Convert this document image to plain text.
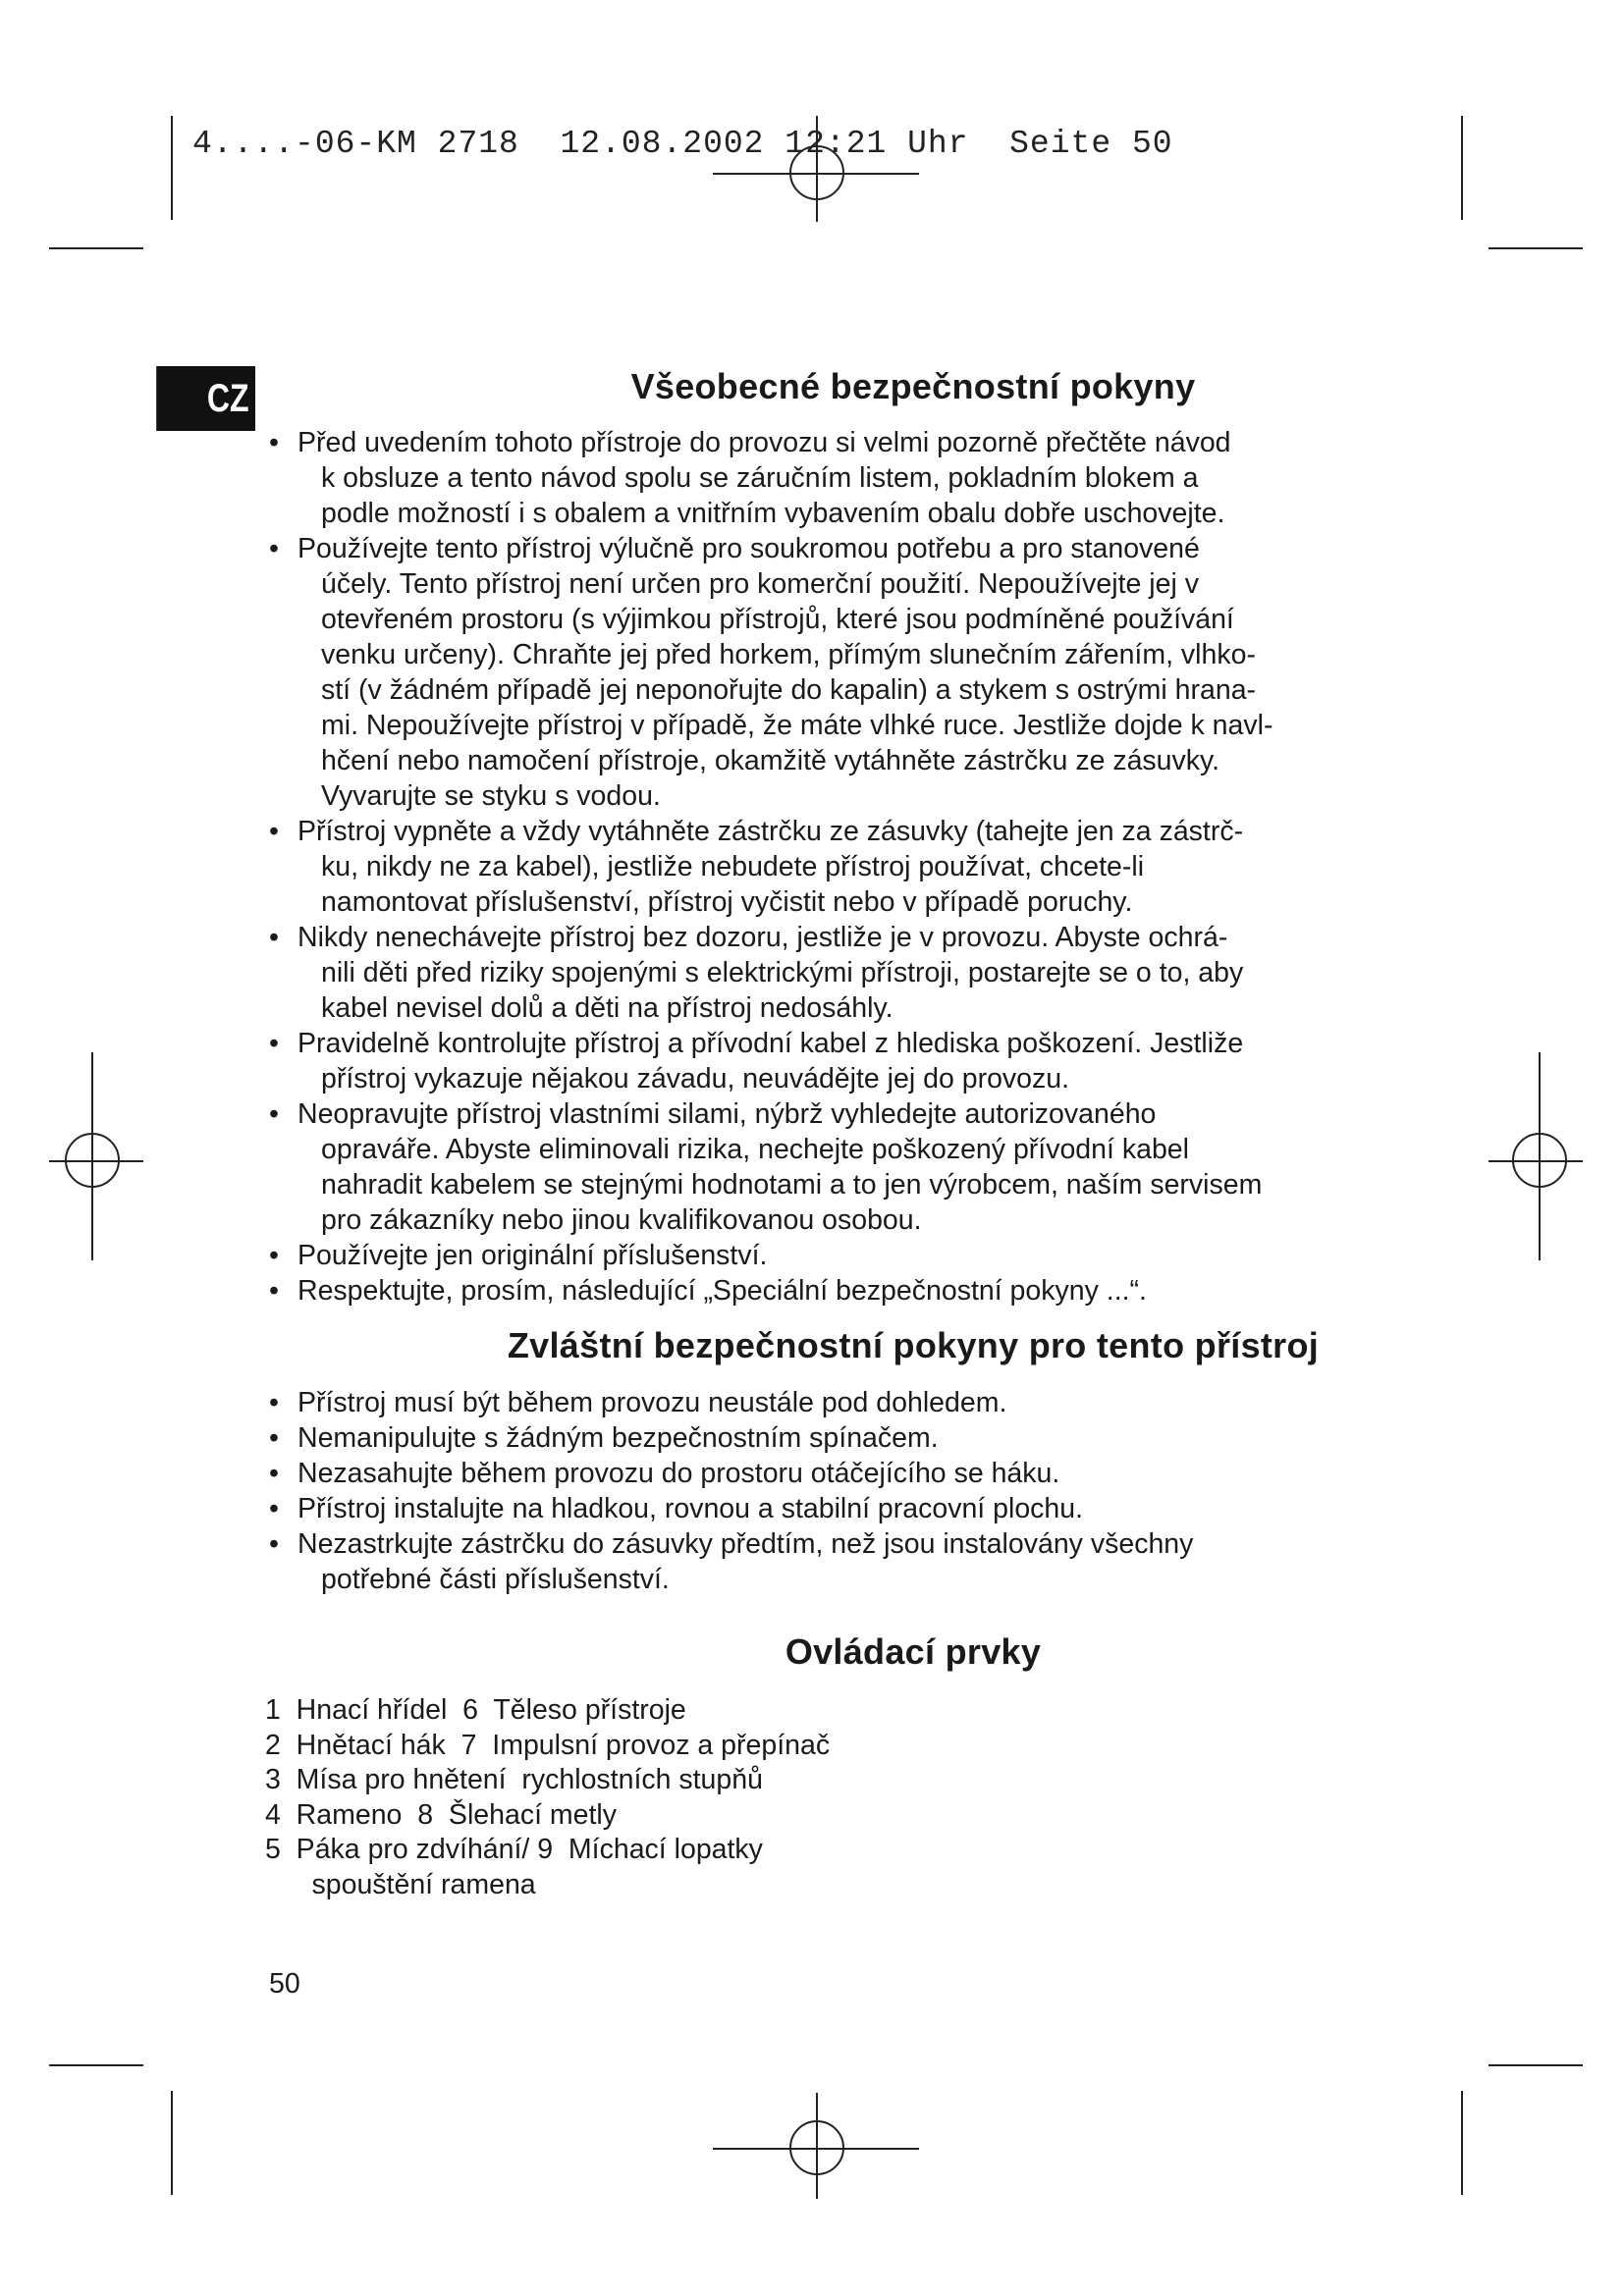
4....-06-KM 2718  12.08.2002 12:21 Uhr  Seite 50
CZ	Všeobecné bezpečnostní pokyny
• Před uvedením tohoto přístroje do provozu si velmi pozorně přečtěte návod
k obsluze a tento návod spolu se záručním listem, pokladním blokem a
podle možností i s obalem a vnitřním vybavením obalu dobře uschovejte.
• Používejte tento přístroj výlučně pro soukromou potřebu a pro stanovené
účely. Tento přístroj není určen pro komerční použití. Nepoužívejte jej v
otevřeném prostoru (s výjimkou přístrojů, které jsou podmíněné používání
venku určeny). Chraňte jej před horkem, přímým slunečním zářením, vlhko-
stí (v žádném případě jej neponořujte do kapalin) a stykem s ostrými hrana-
mi. Nepoužívejte přístroj v případě, že máte vlhké ruce. Jestliže dojde k navl-
hčení nebo namočení přístroje, okamžitě vytáhněte zástrčku ze zásuvky.
Vyvarujte se styku s vodou.
• Přístroj vypněte a vždy vytáhněte zástrčku ze zásuvky (tahejte jen za zástrč-
ku, nikdy ne za kabel), jestliže nebudete přístroj používat, chcete-li
namontovat příslušenství, přístroj vyčistit nebo v případě poruchy.
• Nikdy nenechávejte přístroj bez dozoru, jestliže je v provozu. Abyste ochrá-
nili děti před riziky spojenými s elektrickými přístroji, postarejte se o to, aby
kabel nevisel dolů a děti na přístroj nedosáhly.
• Pravidelně kontrolujte přístroj a přívodní kabel z hlediska poškození. Jestliže
přístroj vykazuje nějakou závadu, neuvádějte jej do provozu.
• Neopravujte přístroj vlastními silami, nýbrž vyhledejte autorizovaného
opraváře. Abyste eliminovali rizika, nechejte poškozený přívodní kabel
nahradit kabelem se stejnými hodnotami a to jen výrobcem, naším servisem
pro zákazníky nebo jinou kvalifikovanou osobou.
• Používejte jen originální příslušenství.
• Respektujte, prosím, následující „Speciální bezpečnostní pokyny ...“.
Zvláštní bezpečnostní pokyny pro tento přístroj
• Přístroj musí být během provozu neustále pod dohledem.
• Nemanipulujte s žádným bezpečnostním spínačem.
• Nezasahujte během provozu do prostoru otáčejícího se háku.
• Přístroj instalujte na hladkou, rovnou a stabilní pracovní plochu.
• Nezastrkujte zástrčku do zásuvky předtím, než jsou instalovány všechny
potřebné části příslušenství.
Ovládací prvky
1  Hnací hřídel  6  Těleso přístroje
2  Hnětací hák  7  Impulsní provoz a přepínač
3  Mísa pro hnětení  rychlostních stupňů
4  Rameno  8  Šlehací metly
5  Páka pro zdvíhání/ 9  Míchací lopatky
spouštění ramena
50
